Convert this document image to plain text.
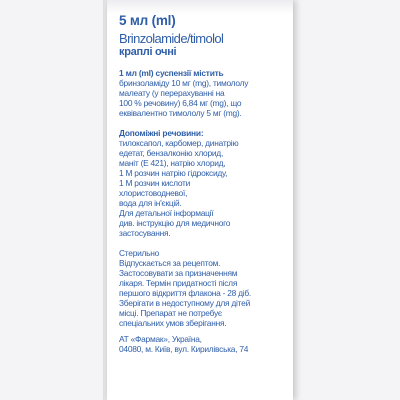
5 мл (ml)
Brinzolamide/timolol
краплі очні
1 мл (ml) суспензії містить
бринзоламіду 10 мг (mg), тимололу
малеату (у перерахуванні на
100 % речовину) 6,84 мг (mg), що
еквівалентно тимололу 5 мг (mg).
Допоміжні речовини:
тилоксапол, карбомер, динатрію
едетат, бензалконію хлорид,
маніт (Е 421), натрію хлорид,
1 М розчин натрію гідроксиду,
1 М розчин кислоти
хлористоводневої,
вода для ін'єкцій.
Для детальної інформації
див. інструкцію для медичного
застосування.
Стерильно
Відпускається за рецептом.
Застосовувати за призначенням
лікаря. Термін придатності після
першого відкриття флакона - 28 діб.
Зберігати в недоступному для дітей
місці. Препарат не потребує
спеціальних умов зберігання.
АТ «Фармак», Україна,
04080, м. Київ, вул. Кирилівська, 74
